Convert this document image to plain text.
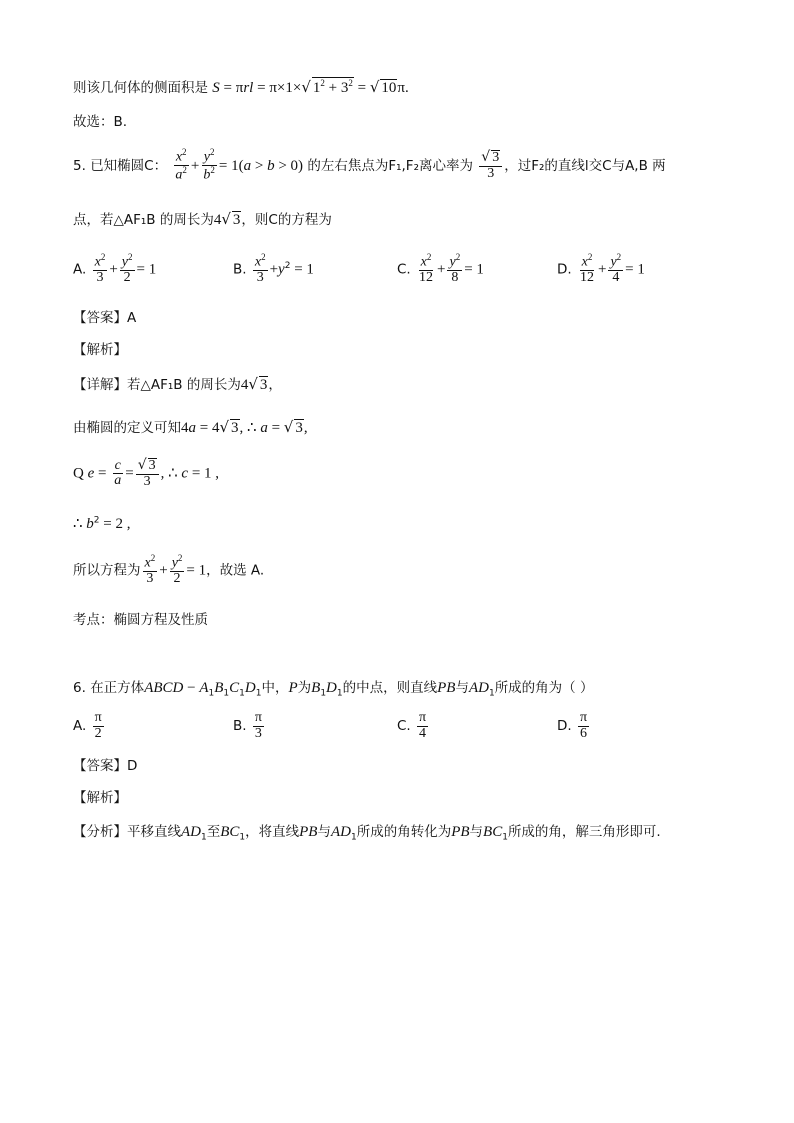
则该几何体的侧面积是 S = πrl = π×1×√ $1^2 + 3^2$ = √ 10π.
故选：B.
5. 已知椭圆C： $\frac{x^2}{a^2} + \frac{y^2}{b^2} = 1(a > b > 0)$ 的左右焦点为F₁,F₂离心率为 $\frac{√ 3}{3}$ ，过F₂的直线l交C与A,B 两
点，若△AF₁B 的周长为4√ 3，则C的方程为
A. $\frac{x^2}{3} + \frac{y^2}{2} = 1$	B. $\frac{x^2}{3} +y^2 = 1$	C. $\frac{x^2}{12} + \frac{y^2}{8} = 1$	D. $\frac{x^2}{12} + \frac{y^2}{4} = 1$
【答案】A
【解析】
【详解】若△AF₁B 的周长为4√ 3，
由椭圆的定义可知4a = 4√ 3, ∴ a = √ 3,
Q $e = \frac{c}{a} = \frac{√ 3}{3}$ , ∴ c = 1 ,
∴ $b^2 = 2$ ,
所以方程为 $\frac{x^2}{3} + \frac{y^2}{2} = 1$，故选 A.
考点：椭圆方程及性质
6. 在正方体ABCD − $A_1B_1C_1D_1$中，P为$B_1D_1$的中点，则直线PB与$AD_1$所成的角为（ ）
A. $\frac{\pi}{2}$	B. $\frac{\pi}{3}$	C. $\frac{\pi}{4}$	D. $\frac{\pi}{6}$
【答案】D
【解析】
【分析】平移直线$AD_1$至$BC_1$，将直线PB与$AD_1$所成的角转化为PB与$BC_1$所成的角，解三角形即可.
